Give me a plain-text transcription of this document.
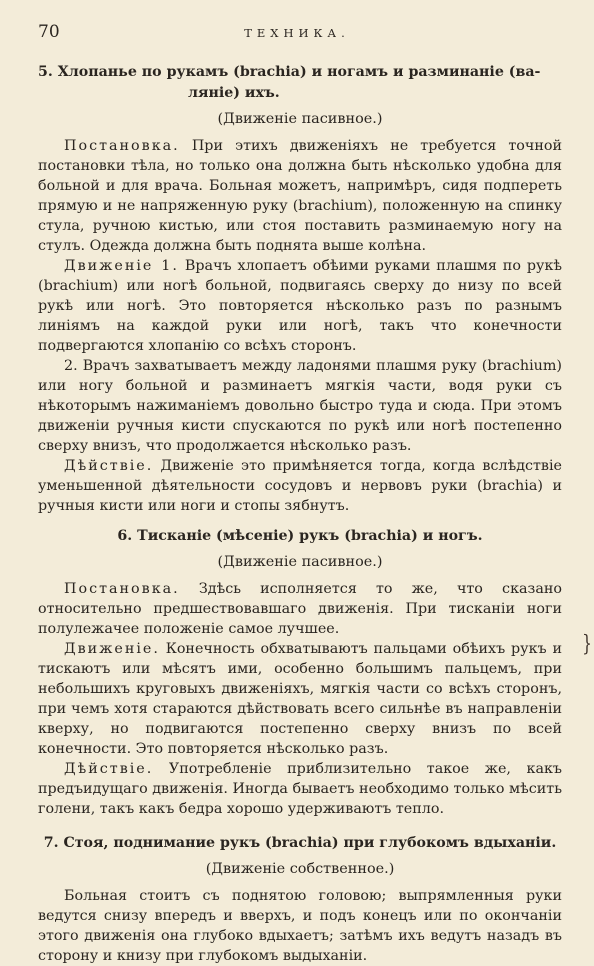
70	ТЕХНИКА.

5. Хлопанье по рукамъ (brachia) и ногамъ и разминаніе (ва-
ляніе) ихъ.

(Движеніе пасивное.)

Постановка. При этихъ движеніяхъ не требуется точной постановки тѣла, но только она должна быть нѣсколько удобна для больной и для врача. Больная можетъ, напримѣръ, сидя подпереть прямую и не напряженную руку (brachium), положенную на спинку стула, ручною кистью, или стоя поставить разминаемую ногу на стулъ. Одежда должна быть поднята выше колѣна.

Движеніе 1. Врачъ хлопаетъ обѣими руками плашмя по рукѣ (brachium) или ногѣ больной, подвигаясь сверху до низу по всей рукѣ или ногѣ. Это повторяется нѣсколько разъ по разнымъ линіямъ на каждой руки или ногѣ, такъ что конечности подвергаются хлопанію со всѣхъ сторонъ.

2. Врачъ захватываетъ между ладонями плашмя руку (brachium) или ногу больной и разминаетъ мягкія части, водя руки съ нѣкоторымъ нажиманіемъ довольно быстро туда и сюда. При этомъ движеніи ручныя кисти спускаются по рукѣ или ногѣ постепенно сверху внизъ, что продолжается нѣсколько разъ.

Дѣйствіе. Движеніе это примѣняется тогда, когда вслѣдствіе уменьшенной дѣятельности сосудовъ и нервовъ руки (brachia) и ручныя кисти или ноги и стопы зябнутъ.

6. Тисканіе (мѣсеніе) рукъ (brachia) и ногъ.

(Движеніе пасивное.)

Постановка. Здѣсь исполняется то же, что сказано относительно предшествовавшаго движенія. При тисканіи ноги полулежачее положеніе самое лучшее.

Движеніе. Конечность обхватываютъ пальцами обѣихъ рукъ и тискаютъ или мѣсятъ ими, особенно большимъ пальцемъ, при небольшихъ круговыхъ движеніяхъ, мягкія части со всѣхъ сторонъ, при чемъ хотя стараются дѣйствовать всего сильнѣе въ направленіи кверху, но подвигаются постепенно сверху внизъ по всей конечности. Это повторяется нѣсколько разъ.

Дѣйствіе. Употребленіе приблизительно такое же, какъ предъидущаго движенія. Иногда бываетъ необходимо только мѣсить голени, такъ какъ бедра хорошо удерживаютъ тепло.

7. Стоя, поднимание рукъ (brachia) при глубокомъ вдыханіи.

(Движеніе собственное.)

Больная стоитъ съ поднятою головою; выпрямленныя руки ведутся снизу впередъ и вверхъ, и подъ конецъ или по окончаніи этого движенія она глубоко вдыхаетъ; затѣмъ ихъ ведутъ назадъ въ сторону и книзу при глубокомъ выдыханіи.

}
